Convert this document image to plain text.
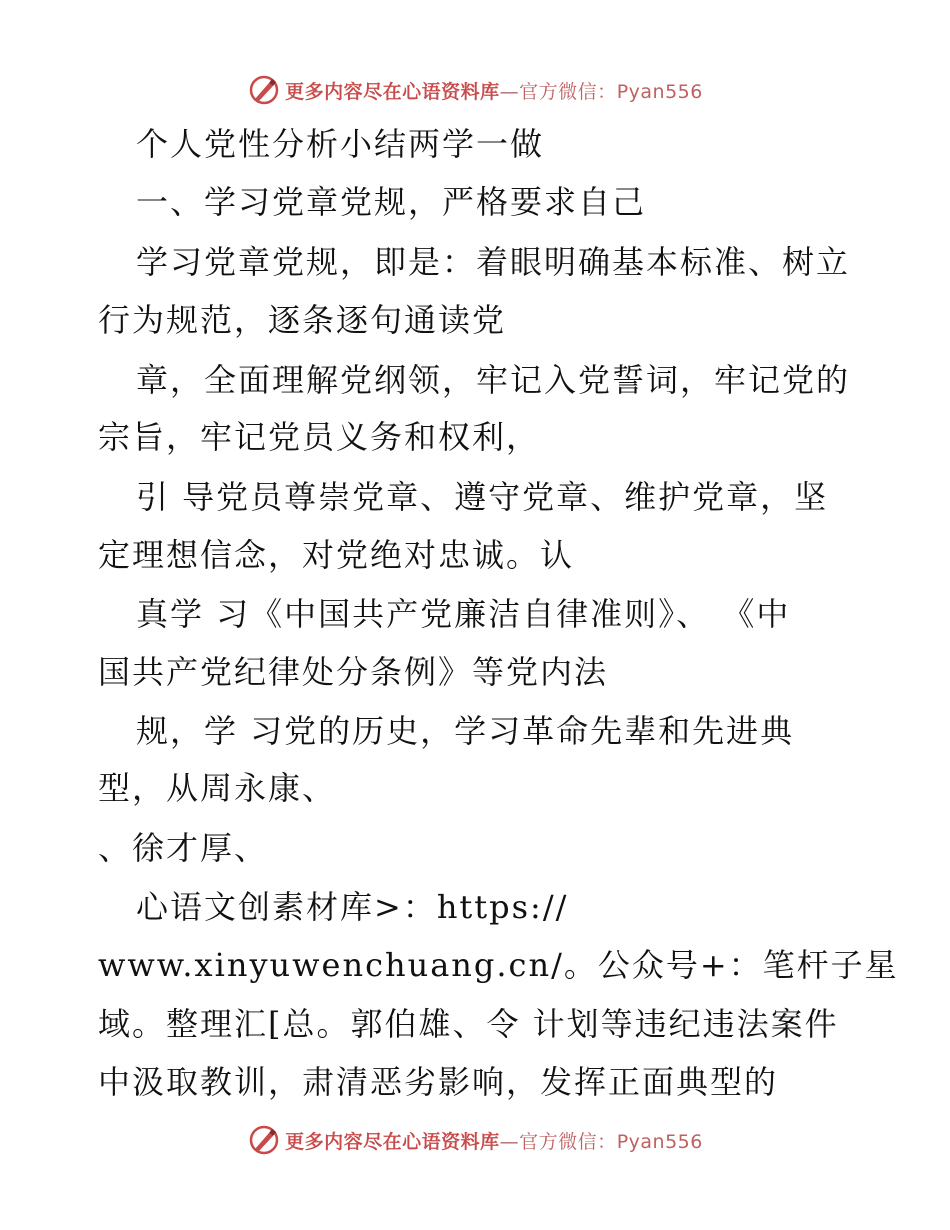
更多内容尽在心语资料库—官方微信：Pyan556
个人党性分析小结两学一做
一、学习党章党规，严格要求自己
学习党章党规，即是：着眼明确基本标准、树立
行为规范，逐条逐句通读党
章，全面理解党纲领，牢记入党誓词，牢记党的
宗旨，牢记党员义务和权利，
引 导党员尊崇党章、遵守党章、维护党章，坚
定理想信念，对党绝对忠诚。认
真学 习《中国共产党廉洁自律准则》、 《中
国共产党纪律处分条例》等党内法
规，学 习党的历史，学习革命先辈和先进典
型，从周永康、
、徐才厚、
心语文创素材库>：https://
www.xinyuwenchuang.cn/。公众号+：笔杆子星
域。整理汇[总。郭伯雄、令 计划等违纪违法案件
中汲取教训，肃清恶劣影响，发挥正面典型的
更多内容尽在心语资料库—官方微信：Pyan556
